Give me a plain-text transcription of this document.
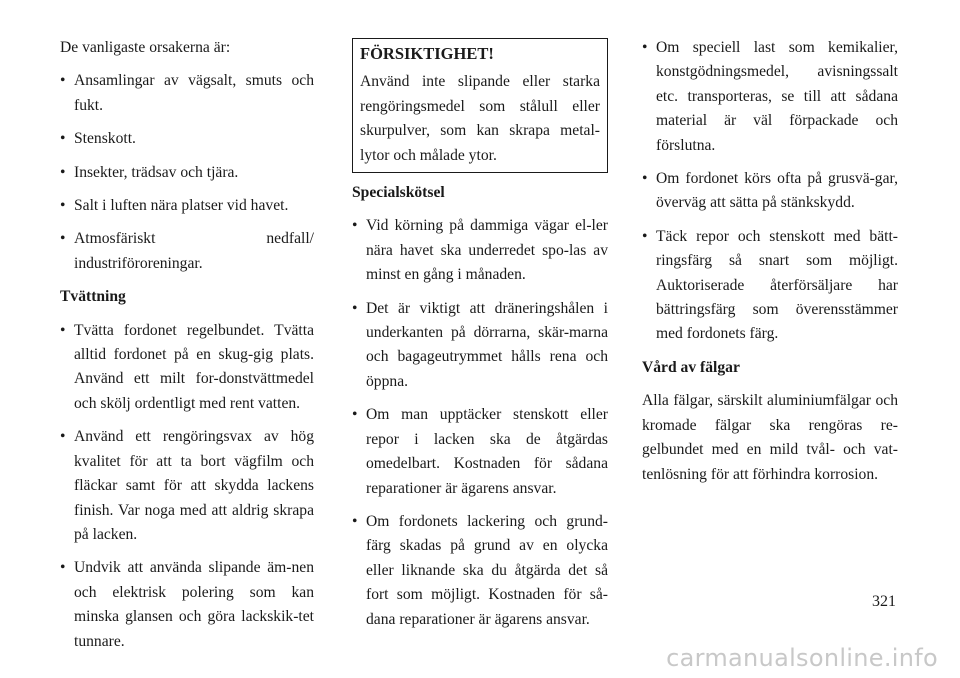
De vanligaste orsakerna är:

• Ansamlingar av vägsalt, smuts och fukt.
• Stenskott.
• Insekter, trädsav och tjära.
• Salt i luften nära platser vid havet.
• Atmosfäriskt nedfall/ industriföroreningar.
Tvättning
• Tvätta fordonet regelbundet. Tvätta alltid fordonet på en skug-gig plats. Använd ett milt for-donstvättmedel och skölj ordentligt med rent vatten.
• Använd ett rengöringsvax av hög kvalitet för att ta bort vägfilm och fläckar samt för att skydda lackens finish. Var noga med att aldrig skrapa på lacken.
• Undvik att använda slipande äm-nen och elektrisk polering som kan minska glansen och göra lackskik-tet tunnare.
FÖRSIKTIGHET!
Använd inte slipande eller starka rengöringsmedel som stålull eller skurpulver, som kan skrapa metal-lytor och målade ytor.
Specialskötsel
• Vid körning på dammiga vägar el-ler nära havet ska underredet spo-las av minst en gång i månaden.
• Det är viktigt att dräneringshålen i underkanten på dörrarna, skär-marna och bagageutrymmet hålls rena och öppna.
• Om man upptäcker stenskott eller repor i lacken ska de åtgärdas omedelbart. Kostnaden för sådana reparationer är ägarens ansvar.
• Om fordonets lackering och grund-färg skadas på grund av en olycka eller liknande ska du åtgärda det så fort som möjligt. Kostnaden för så-dana reparationer är ägarens ansvar.
• Om speciell last som kemikalier, konstgödningsmedel, avisningssalt etc. transporteras, se till att sådana material är väl förpackade och förslutna.
• Om fordonet körs ofta på grusvä-gar, överväg att sätta på stänkskydd.
• Täck repor och stenskott med bätt-ringsfärg så snart som möjligt. Auktoriserade återförsäljare har bättringsfärg som överensstämmer med fordonets färg.
Vård av fälgar

Alla fälgar, särskilt aluminiumfälgar och kromade fälgar ska rengöras re-gelbundet med en mild tvål- och vat-tenlösning för att förhindra korrosion.

321
carmanualsonline.info
